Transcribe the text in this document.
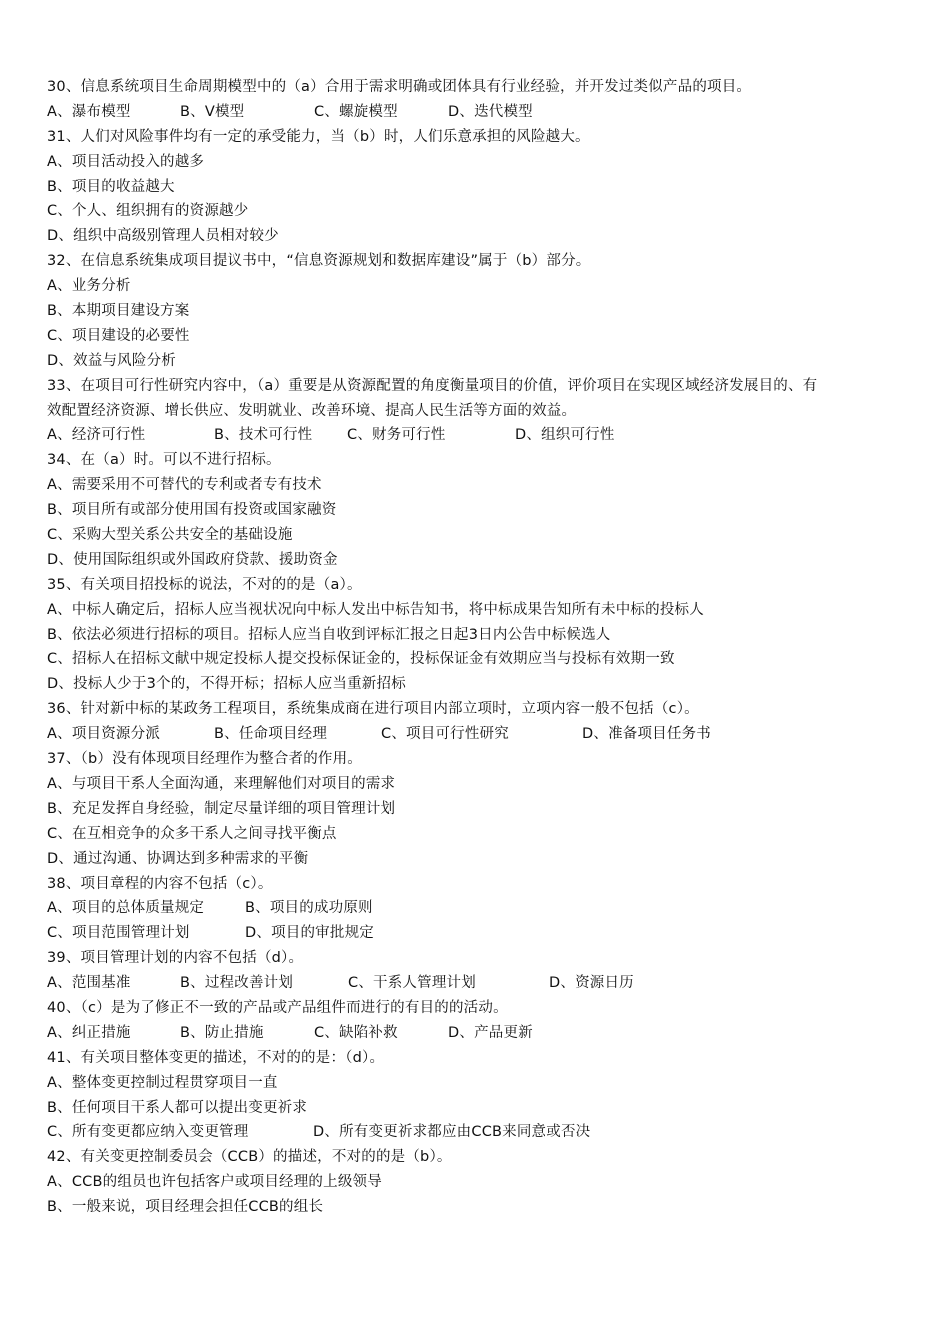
30、信息系统项目生命周期模型中的（a）合用于需求明确或团体具有行业经验，并开发过类似产品的项目。
A、瀑布模型	B、V模型	C、螺旋模型	D、迭代模型
31、人们对风险事件均有一定的承受能力，当（b）时，人们乐意承担的风险越大。
A、项目活动投入的越多
B、项目的收益越大
C、个人、组织拥有的资源越少
D、组织中高级别管理人员相对较少
32、在信息系统集成项目提议书中，“信息资源规划和数据库建设”属于（b）部分。
A、业务分析
B、本期项目建设方案
C、项目建设的必要性
D、效益与风险分析
33、在项目可行性研究内容中，（a）重要是从资源配置的角度衡量项目的价值，评价项目在实现区域经济发展目的、有
效配置经济资源、增长供应、发明就业、改善环境、提高人民生活等方面的效益。
A、经济可行性	B、技术可行性	C、财务可行性	D、组织可行性
34、在（a）时。可以不进行招标。
A、需要采用不可替代的专利或者专有技术
B、项目所有或部分使用国有投资或国家融资
C、采购大型关系公共安全的基础设施
D、使用国际组织或外国政府贷款、援助资金
35、有关项目招投标的说法，不对的的是（a）。
A、中标人确定后，招标人应当视状况向中标人发出中标告知书，将中标成果告知所有未中标的投标人
B、依法必须进行招标的项目。招标人应当自收到评标汇报之日起3日内公告中标候选人
C、招标人在招标文献中规定投标人提交投标保证金的，投标保证金有效期应当与投标有效期一致
D、投标人少于3个的，不得开标；招标人应当重新招标
36、针对新中标的某政务工程项目，系统集成商在进行项目内部立项时，立项内容一般不包括（c）。
A、项目资源分派	B、任命项目经理	C、项目可行性研究	D、准备项目任务书
37、（b）没有体现项目经理作为整合者的作用。
A、与项目干系人全面沟通，来理解他们对项目的需求
B、充足发挥自身经验，制定尽量详细的项目管理计划
C、在互相竞争的众多干系人之间寻找平衡点
D、通过沟通、协调达到多种需求的平衡
38、项目章程的内容不包括（c）。
A、项目的总体质量规定	B、项目的成功原则
C、项目范围管理计划	D、项目的审批规定
39、项目管理计划的内容不包括（d）。
A、范围基准	B、过程改善计划	C、干系人管理计划	D、资源日历
40、（c）是为了修正不一致的产品或产品组件而进行的有目的的活动。
A、纠正措施	B、防止措施	C、缺陷补救	D、产品更新
41、有关项目整体变更的描述，不对的的是：（d）。
A、整体变更控制过程贯穿项目一直
B、任何项目干系人都可以提出变更祈求
C、所有变更都应纳入变更管理	D、所有变更祈求都应由CCB来同意或否决
42、有关变更控制委员会（CCB）的描述，不对的的是（b）。
A、CCB的组员也许包括客户或项目经理的上级领导
B、一般来说，项目经理会担任CCB的组长
